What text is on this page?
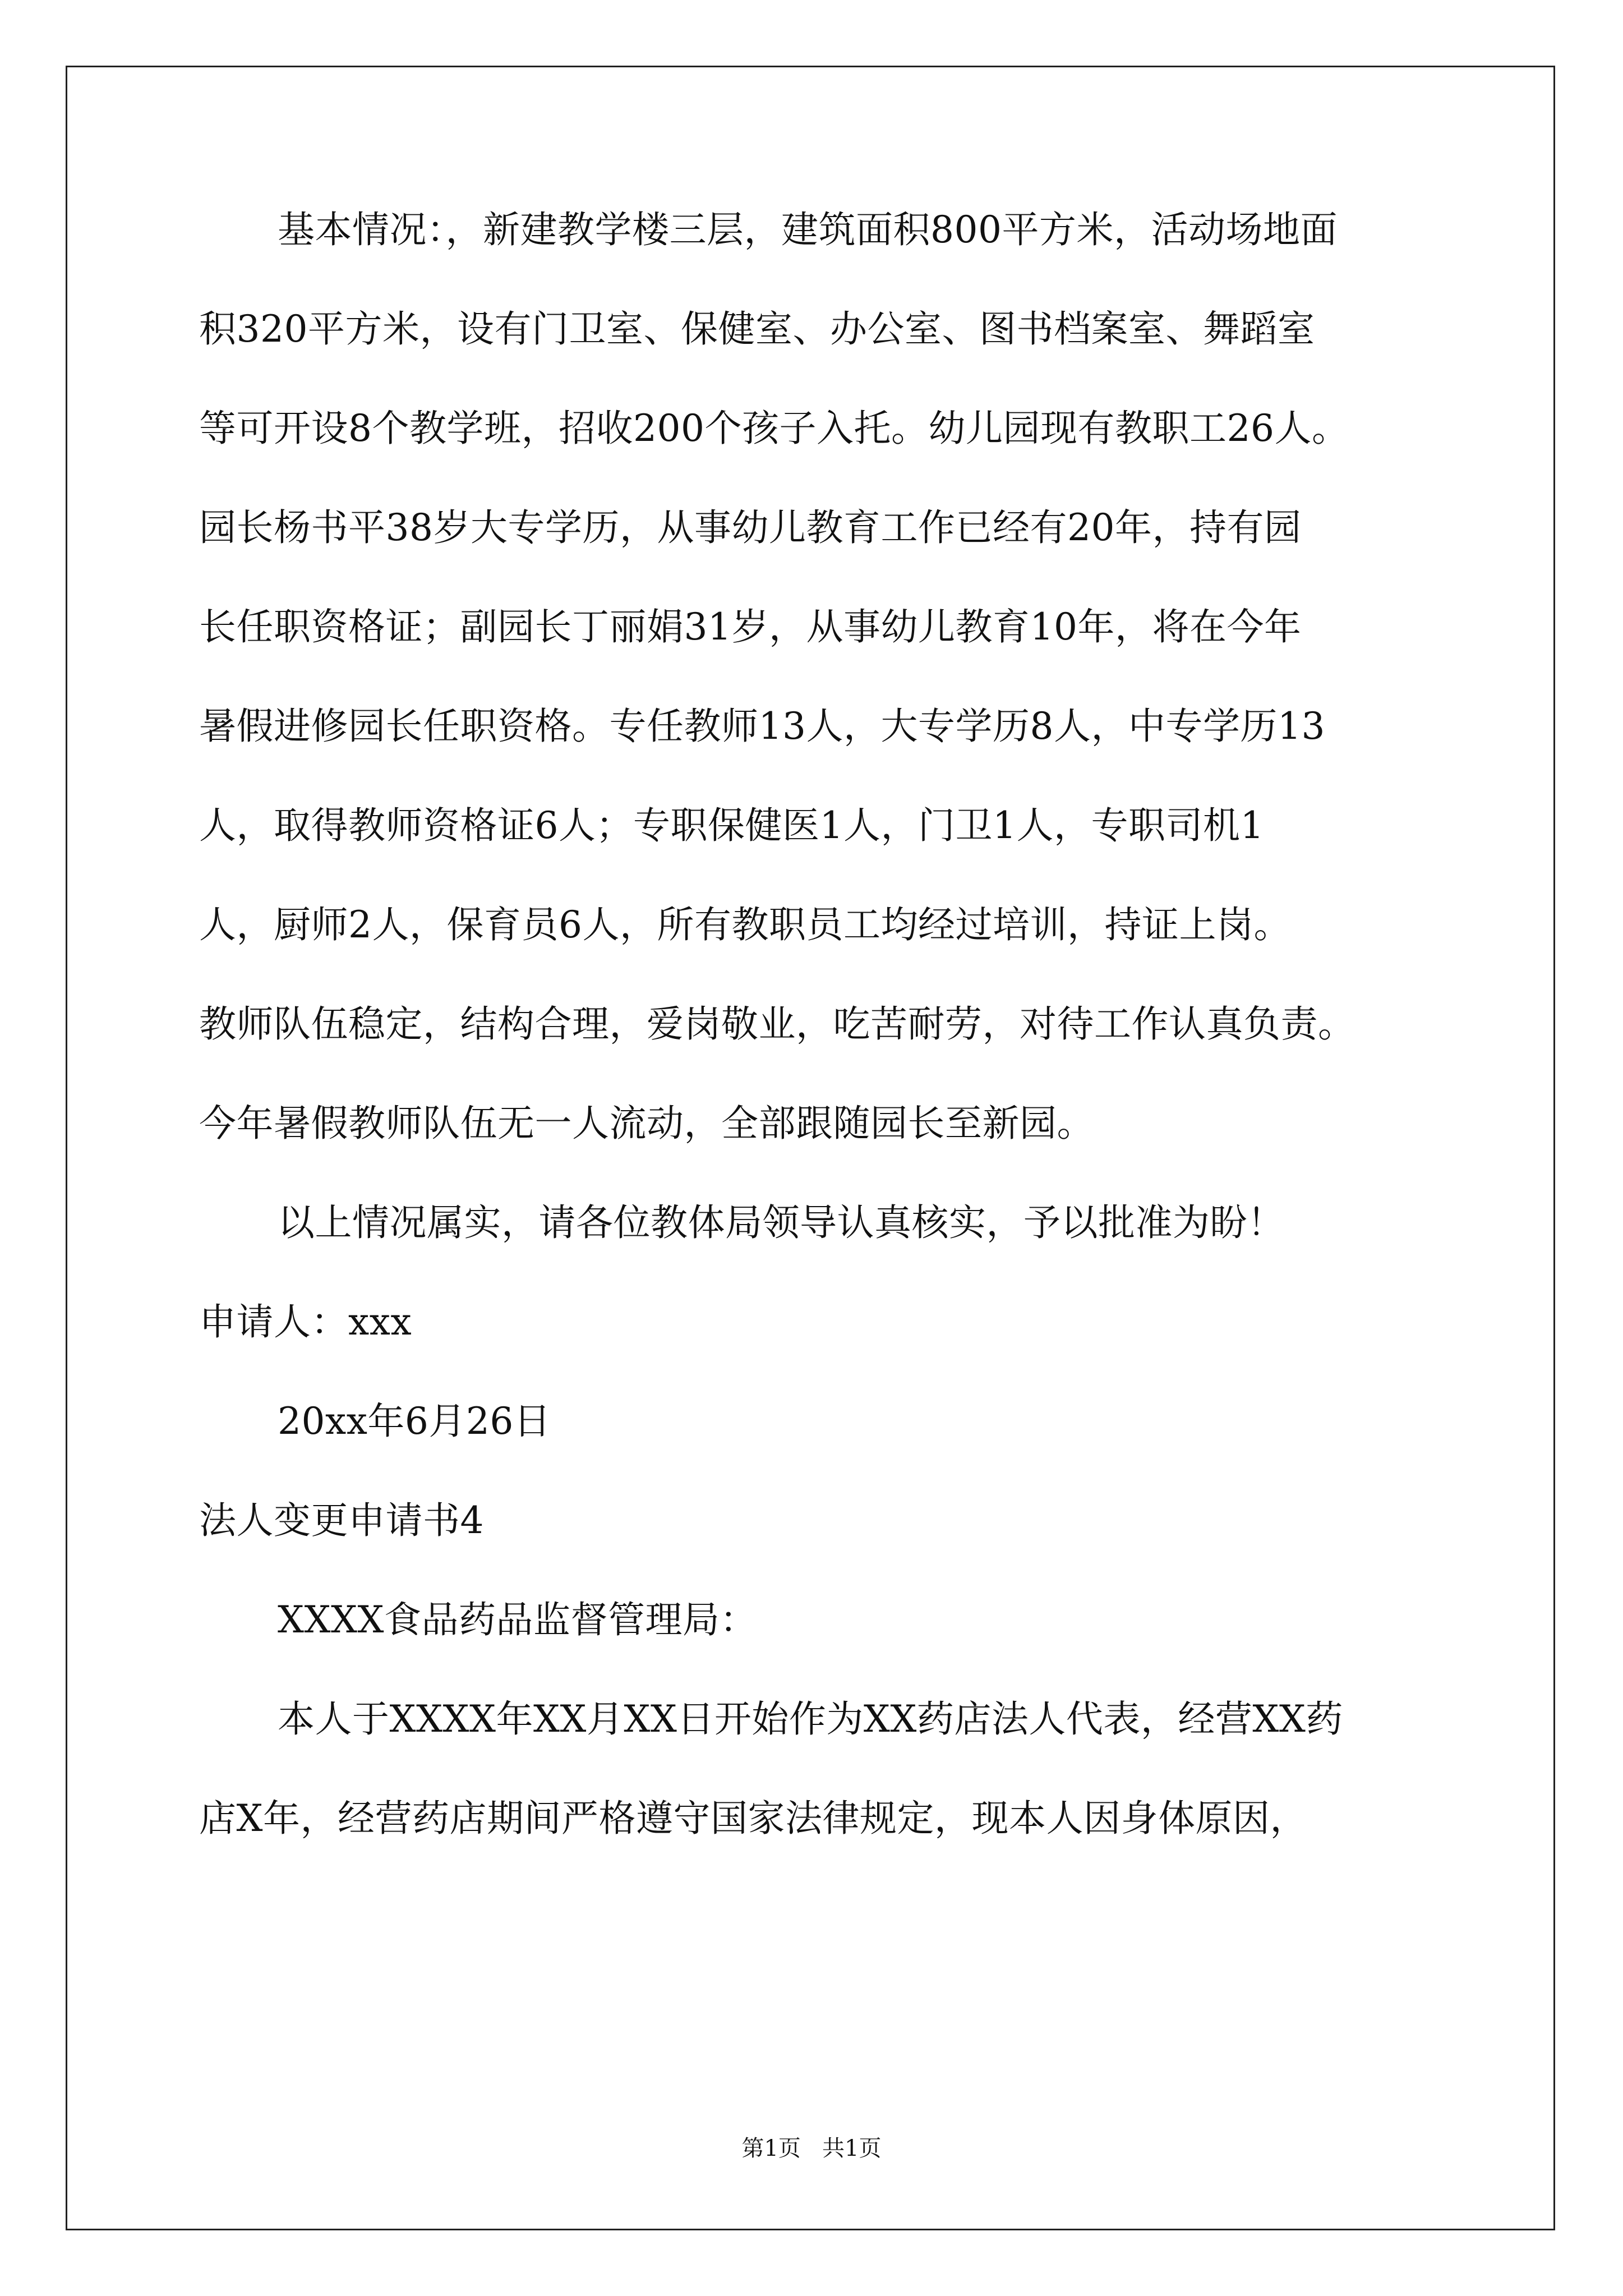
基本情况：，新建教学楼三层，建筑面积800平方米，活动场地面
积320平方米，设有门卫室、保健室、办公室、图书档案室、舞蹈室
等可开设8个教学班，招收200个孩子入托。幼儿园现有教职工26人。
园长杨书平38岁大专学历，从事幼儿教育工作已经有20年，持有园
长任职资格证；副园长丁丽娟31岁，从事幼儿教育10年，将在今年
暑假进修园长任职资格。专任教师13人，大专学历8人，中专学历13
人，取得教师资格证6人；专职保健医1人，门卫1人，专职司机1
人，厨师2人，保育员6人，所有教职员工均经过培训，持证上岗。
教师队伍稳定，结构合理，爱岗敬业，吃苦耐劳，对待工作认真负责。
今年暑假教师队伍无一人流动，全部跟随园长至新园。
以上情况属实，请各位教体局领导认真核实，予以批准为盼！
申请人：xxx
20xx年6月26日
法人变更申请书4
XXXX食品药品监督管理局：
本人于XXXX年XX月XX日开始作为XX药店法人代表，经营XX药
店X年，经营药店期间严格遵守国家法律规定，现本人因身体原因，
第1页   共1页
